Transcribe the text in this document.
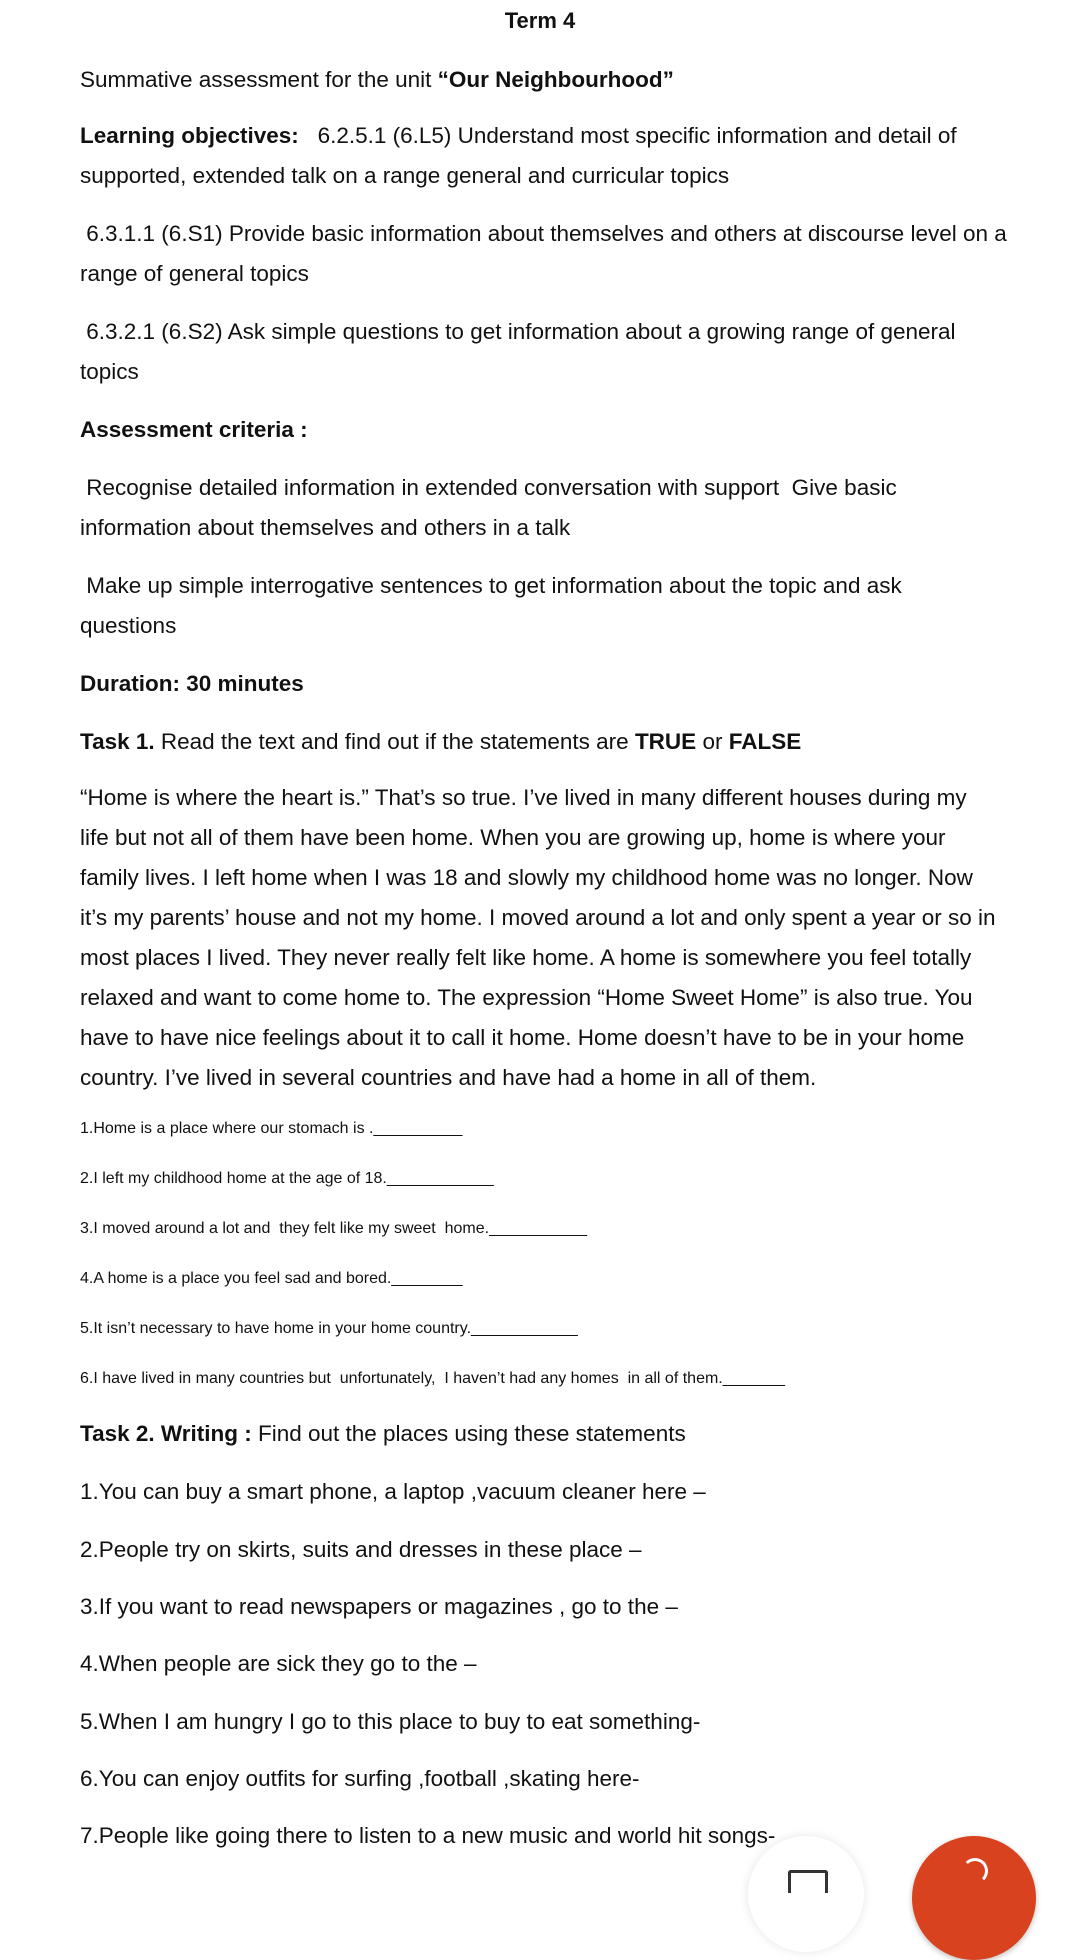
Term 4

Summative assessment for the unit “Our Neighbourhood”

Learning objectives:   6.2.5.1 (6.L5) Understand most specific information and detail of

supported, extended talk on a range general and curricular topics

6.3.1.1 (6.S1) Provide basic information about themselves and others at discourse level on a

range of general topics

6.3.2.1 (6.S2) Ask simple questions to get information about a growing range of general

topics

Assessment criteria :

Recognise detailed information in extended conversation with support  Give basic

information about themselves and others in a talk

Make up simple interrogative sentences to get information about the topic and ask

questions

Duration: 30 minutes

Task 1. Read the text and find out if the statements are TRUE or FALSE

“Home is where the heart is.” That’s so true. I’ve lived in many different houses during my

life but not all of them have been home. When you are growing up, home is where your

family lives. I left home when I was 18 and slowly my childhood home was no longer. Now

it’s my parents’ house and not my home. I moved around a lot and only spent a year or so in

most places I lived. They never really felt like home. A home is somewhere you feel totally

relaxed and want to come home to. The expression “Home Sweet Home” is also true. You

have to have nice feelings about it to call it home. Home doesn’t have to be in your home

country. I’ve lived in several countries and have had a home in all of them.

1.Home is a place where our stomach is .__________

2.I left my childhood home at the age of 18.____________

3.I moved around a lot and  they felt like my sweet  home.___________

4.A home is a place you feel sad and bored.________

5.It isn’t necessary to have home in your home country.____________

6.I have lived in many countries but  unfortunately,  I haven’t had any homes  in all of them._______

Task 2. Writing : Find out the places using these statements

1.You can buy a smart phone, a laptop ,vacuum cleaner here –

2.People try on skirts, suits and dresses in these place –

3.If you want to read newspapers or magazines , go to the –

4.When people are sick they go to the –

5.When I am hungry I go to this place to buy to eat something-

6.You can enjoy outfits for surfing ,football ,skating here-

7.People like going there to listen to a new music and world hit songs-
